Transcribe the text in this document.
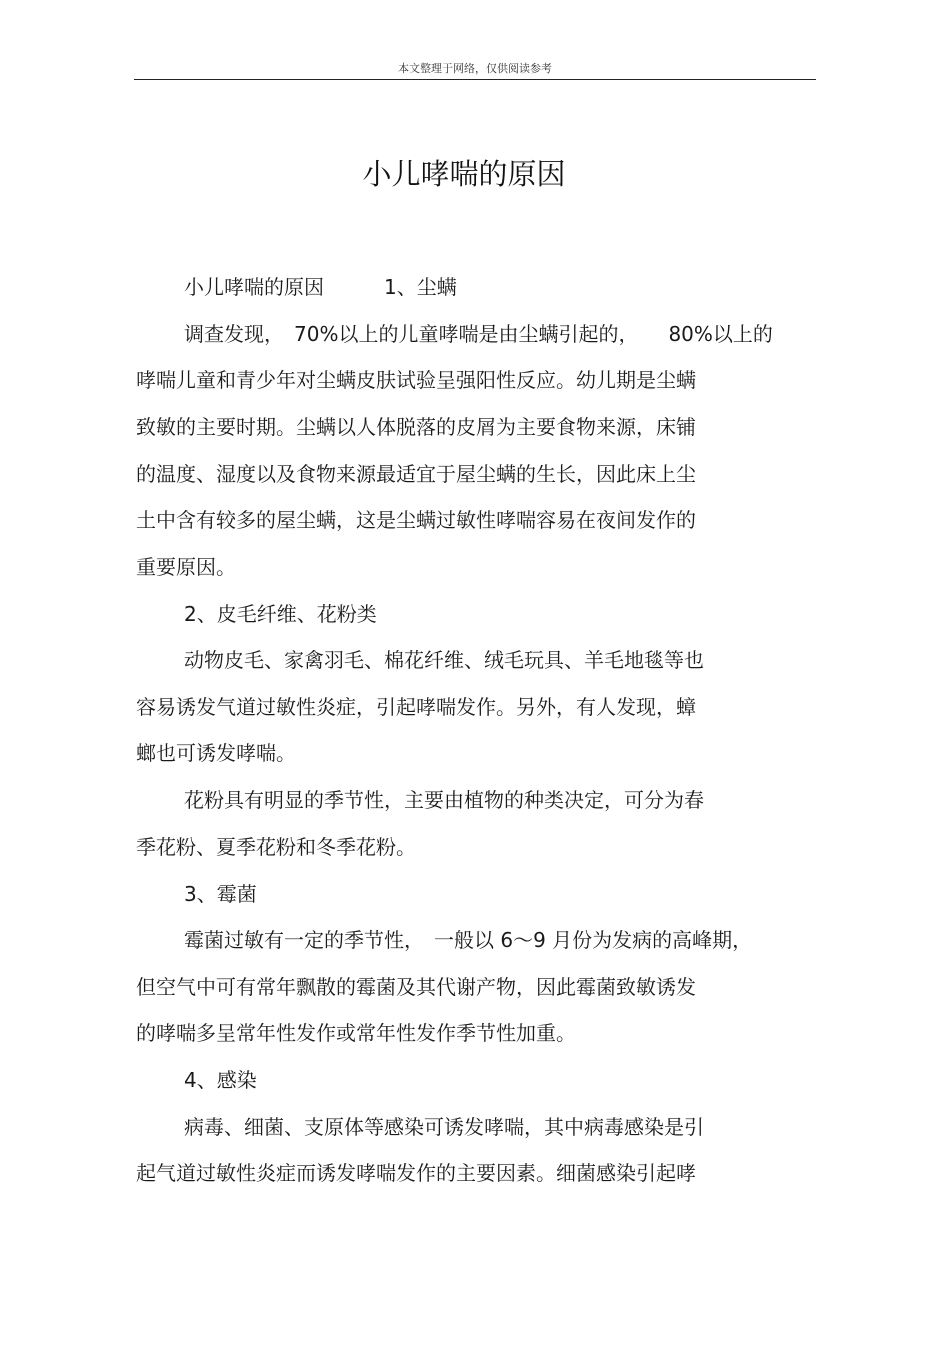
本文整理于网络，仅供阅读参考
小儿哮喘的原因
小儿哮喘的原因　　　1、尘螨
调查发现，　70%以上的儿童哮喘是由尘螨引起的，　　80%以上的
哮喘儿童和青少年对尘螨皮肤试验呈强阳性反应。幼儿期是尘螨
致敏的主要时期。尘螨以人体脱落的皮屑为主要食物来源，床铺
的温度、湿度以及食物来源最适宜于屋尘螨的生长，因此床上尘
土中含有较多的屋尘螨，这是尘螨过敏性哮喘容易在夜间发作的
重要原因。
2、皮毛纤维、花粉类
动物皮毛、家禽羽毛、棉花纤维、绒毛玩具、羊毛地毯等也
容易诱发气道过敏性炎症，引起哮喘发作。另外，有人发现，蟑
螂也可诱发哮喘。
花粉具有明显的季节性，主要由植物的种类决定，可分为春
季花粉、夏季花粉和冬季花粉。
3、霉菌
霉菌过敏有一定的季节性，　一般以 6～9 月份为发病的高峰期，
但空气中可有常年飘散的霉菌及其代谢产物，因此霉菌致敏诱发
的哮喘多呈常年性发作或常年性发作季节性加重。
4、感染
病毒、细菌、支原体等感染可诱发哮喘，其中病毒感染是引
起气道过敏性炎症而诱发哮喘发作的主要因素。细菌感染引起哮
